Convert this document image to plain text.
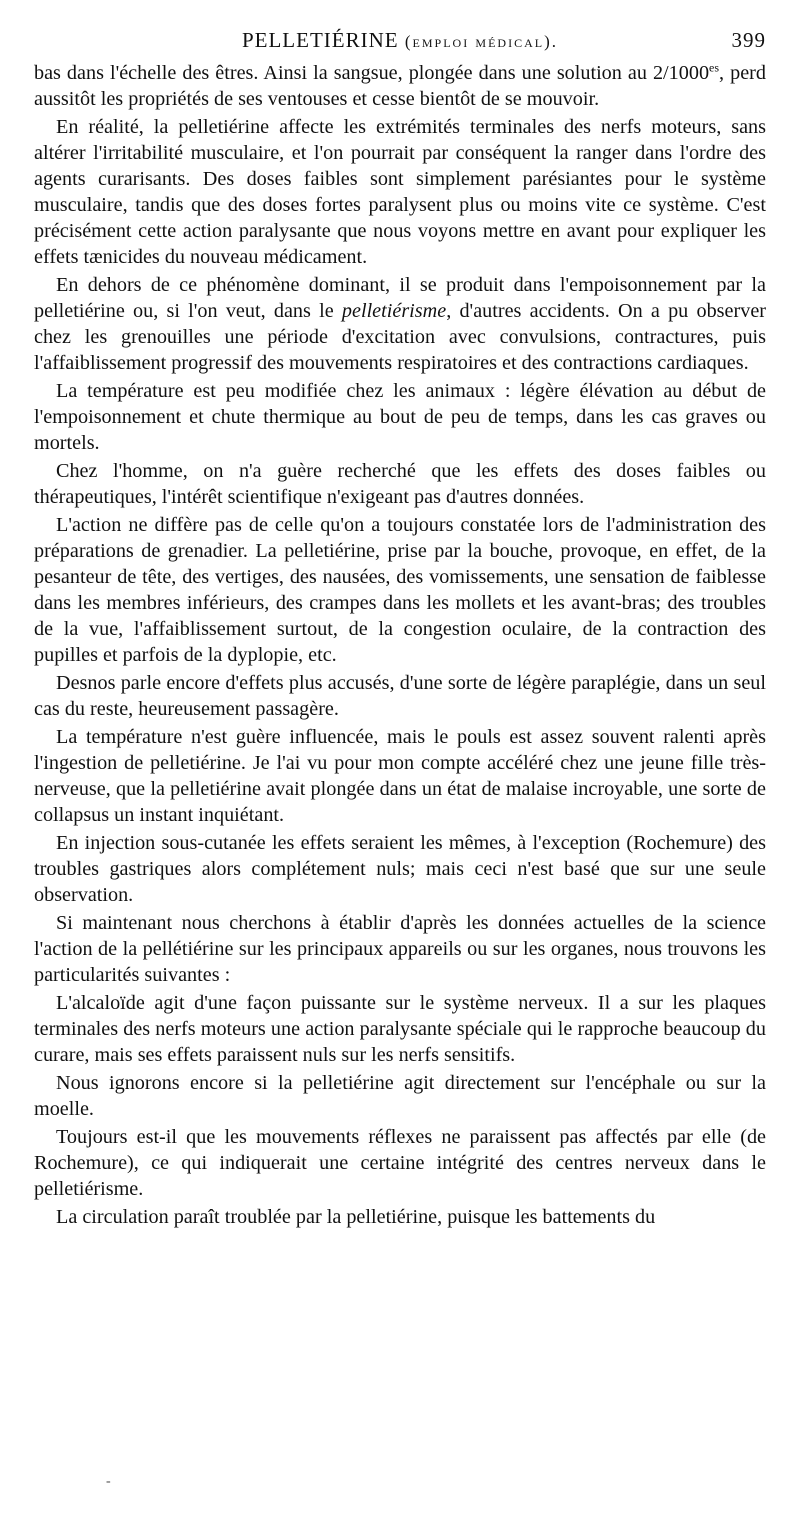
PELLETIÉRINE (emploi médical).	399

bas dans l'échelle des êtres. Ainsi la sangsue, plongée dans une solution au $2/1000^{es}$, perd aussitôt les propriétés de ses ventouses et cesse bientôt de se mouvoir.

En réalité, la pelletiérine affecte les extrémités terminales des nerfs moteurs, sans altérer l'irritabilité musculaire, et l'on pourrait par conséquent la ranger dans l'ordre des agents curarisants. Des doses faibles sont simplement parésiantes pour le système musculaire, tandis que des doses fortes paralysent plus ou moins vite ce système. C'est précisément cette action paralysante que nous voyons mettre en avant pour expliquer les effets tænicides du nouveau médicament.

En dehors de ce phénomène dominant, il se produit dans l'empoisonnement par la pelletiérine ou, si l'on veut, dans le pelletiérisme, d'autres accidents. On a pu observer chez les grenouilles une période d'excitation avec convulsions, contractures, puis l'affaiblissement progressif des mouvements respiratoires et des contractions cardiaques.

La température est peu modifiée chez les animaux : légère élévation au début de l'empoisonnement et chute thermique au bout de peu de temps, dans les cas graves ou mortels.

Chez l'homme, on n'a guère recherché que les effets des doses faibles ou thérapeutiques, l'intérêt scientifique n'exigeant pas d'autres données.

L'action ne diffère pas de celle qu'on a toujours constatée lors de l'administration des préparations de grenadier. La pelletiérine, prise par la bouche, provoque, en effet, de la pesanteur de tête, des vertiges, des nausées, des vomissements, une sensation de faiblesse dans les membres inférieurs, des crampes dans les mollets et les avant-bras; des troubles de la vue, l'affaiblissement surtout, de la congestion oculaire, de la contraction des pupilles et parfois de la dyplopie, etc.

Desnos parle encore d'effets plus accusés, d'une sorte de légère paraplégie, dans un seul cas du reste, heureusement passagère.

La température n'est guère influencée, mais le pouls est assez souvent ralenti après l'ingestion de pelletiérine. Je l'ai vu pour mon compte accéléré chez une jeune fille très-nerveuse, que la pelletiérine avait plongée dans un état de malaise incroyable, une sorte de collapsus un instant inquiétant.

En injection sous-cutanée les effets seraient les mêmes, à l'exception (Rochemure) des troubles gastriques alors complétement nuls; mais ceci n'est basé que sur une seule observation.

Si maintenant nous cherchons à établir d'après les données actuelles de la science l'action de la pellétiérine sur les principaux appareils ou sur les organes, nous trouvons les particularités suivantes :

L'alcaloïde agit d'une façon puissante sur le système nerveux. Il a sur les plaques terminales des nerfs moteurs une action paralysante spéciale qui le rapproche beaucoup du curare, mais ses effets paraissent nuls sur les nerfs sensitifs.

Nous ignorons encore si la pelletiérine agit directement sur l'encéphale ou sur la moelle.

Toujours est-il que les mouvements réflexes ne paraissent pas affectés par elle (de Rochemure), ce qui indiquerait une certaine intégrité des centres nerveux dans le pelletiérisme.

La circulation paraît troublée par la pelletiérine, puisque les battements du

-
